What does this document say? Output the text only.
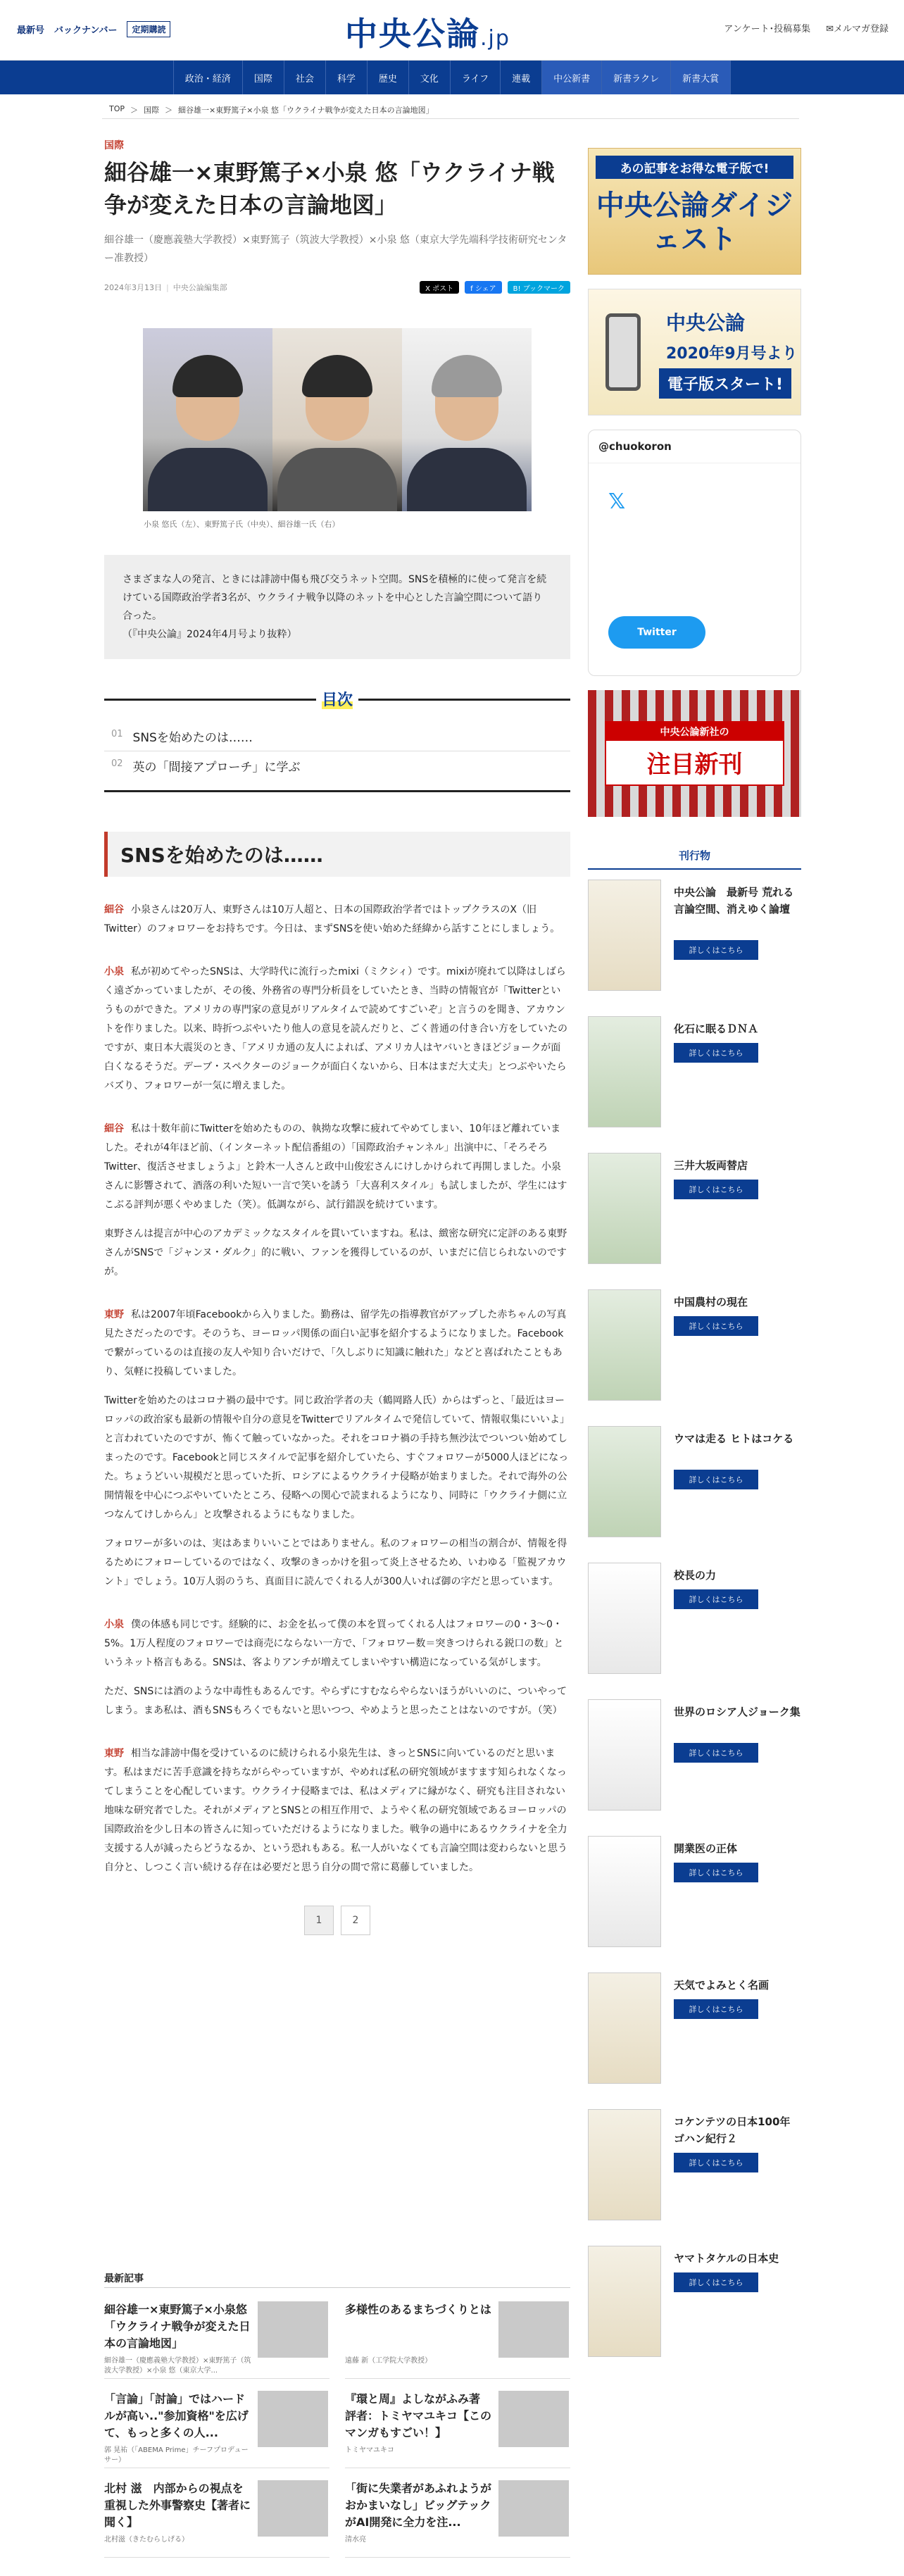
最新号 バックナンバー	定期購読	中央公論.jp	アンケート･投稿募集 ✉メルマガ登録
政治・経済	国際	社会	科学	歴史	文化	ライフ	連載	中公新書	新書ラクレ	新書大賞
TOP ＞ 国際 ＞ 細谷雄一×東野篤子×小泉 悠「ウクライナ戦争が変えた日本の言論地図」
国際
細谷雄一×東野篤子×小泉 悠「ウクライナ戦争が変えた日本の言論地図」
細谷雄一（慶應義塾大学教授）×東野篤子（筑波大学教授）×小泉 悠（東京大学先端科学技術研究センター准教授）
2024年3月13日 | 中央公論編集部	X ポスト	f シェア	B! ブックマーク
小泉 悠氏（左）、東野篤子氏（中央）、細谷雄一氏（右）
さまざまな人の発言、ときには誹謗中傷も飛び交うネット空間。SNSを積極的に使って発言を続けている国際政治学者3名が、ウクライナ戦争以降のネットを中心とした言論空間について語り合った。
（『中央公論』2024年4月号より抜粋）
目次
01 SNSを始めたのは……
02 英の「間接アプローチ」に学ぶ
SNSを始めたのは……
細谷 小泉さんは20万人、東野さんは10万人超と、日本の国際政治学者ではトップクラスのX（旧Twitter）のフォロワーをお持ちです。今日は、まずSNSを使い始めた経緯から話すことにしましょう。
小泉 私が初めてやったSNSは、大学時代に流行ったmixi（ミクシィ）です。mixiが廃れて以降はしばらく遠ざかっていましたが、その後、外務省の専門分析員をしていたとき、当時の情報官が「Twitterというものができた。アメリカの専門家の意見がリアルタイムで読めてすごいぞ」と言うのを聞き、アカウントを作りました。以来、時折つぶやいたり他人の意見を読んだりと、ごく普通の付き合い方をしていたのですが、東日本大震災のとき、「アメリカ通の友人によれば、アメリカ人はヤバいときほどジョークが面白くなるそうだ。デーブ・スペクターのジョークが面白くないから、日本はまだ大丈夫」とつぶやいたらバズり、フォロワーが一気に増えました。
細谷 私は十数年前にTwitterを始めたものの、執拗な攻撃に疲れてやめてしまい、10年ほど離れていました。それが4年ほど前、（インターネット配信番組の）「国際政治チャンネル」出演中に、「そろそろTwitter、復活させましょうよ」と鈴木一人さんと政中山俊宏さんにけしかけられて再開しました。小泉さんに影響されて、酒落の利いた短い一言で笑いを誘う「大喜利スタイル」も試しましたが、学生にはすこぶる評判が悪くやめました（笑）。低調ながら、試行錯誤を続けています。
東野さんは提言が中心のアカデミックなスタイルを貫いていますね。私は、緻密な研究に定評のある東野さんがSNSで「ジャンヌ・ダルク」的に戦い、ファンを獲得しているのが、いまだに信じられないのですが。
東野 私は2007年頃Facebookから入りました。勤務は、留学先の指導教官がアップした赤ちゃんの写真見たさだったのです。そのうち、ヨーロッパ関係の面白い記事を紹介するようになりました。Facebookで繋がっているのは直接の友人や知り合いだけで、「久しぶりに知識に触れた」などと喜ばれたこともあり、気軽に投稿していました。
Twitterを始めたのはコロナ禍の最中です。同じ政治学者の夫（鶴岡路人氏）からはずっと、「最近はヨーロッパの政治家も最新の情報や自分の意見をTwitterでリアルタイムで発信していて、情報収集にいいよ」と言われていたのですが、怖くて触っていなかった。それをコロナ禍の手持ち無沙汰でついつい始めてしまったのです。Facebookと同じスタイルで記事を紹介していたら、すぐフォロワーが5000人ほどになった。ちょうどいい規模だと思っていた折、ロシアによるウクライナ侵略が始まりました。それで海外の公開情報を中心につぶやいていたところ、侵略への関心で読まれるようになり、同時に「ウクライナ側に立つなんてけしからん」と攻撃されるようにもなりました。
フォロワーが多いのは、実はあまりいいことではありません。私のフォロワーの相当の割合が、情報を得るためにフォローしているのではなく、攻撃のきっかけを狙って炎上させるため、いわゆる「監視アカウント」でしょう。10万人弱のうち、真面目に読んでくれる人が300人いれば御の字だと思っています。
小泉 僕の体感も同じです。経験的に、お金を払って僕の本を買ってくれる人はフォロワーの0・3〜0・5%。1万人程度のフォロワーでは商売にならない一方で、「フォロワー数＝突きつけられる鋭口の数」というネット格言もある。SNSは、客よりアンチが増えてしまいやすい構造になっている気がします。
ただ、SNSには酒のような中毒性もあるんです。やらずにすむならやらないほうがいいのに、ついやってしまう。まあ私は、酒もSNSもろくでもないと思いつつ、やめようと思ったことはないのですが。（笑）
東野 相当な誹謗中傷を受けているのに続けられる小泉先生は、きっとSNSに向いているのだと思います。私はまだに苦手意識を持ちながらやっていますが、やめれば私の研究領域がますます知られなくなってしまうことを心配しています。ウクライナ侵略までは、私はメディアに縁がなく、研究も注目されない地味な研究者でした。それがメディアとSNSとの相互作用で、ようやく私の研究領域であるヨーロッパの国際政治を少し日本の皆さんに知っていただけるようになりました。戦争の過中にあるウクライナを全力支援する人が減ったらどうなるか、という恐れもある。私一人がいなくても言論空間は変わらないと思う自分と、しつこく言い続ける存在は必要だと思う自分の間で常に葛藤していました。
1	2
最新記事
細谷雄一×東野篤子×小泉悠「ウクライナ戦争が変えた日本の言論地図」
細谷雄一（慶應義塾大学教授）×東野篤子（筑波大学教授）×小泉 悠（東京大学...
多様性のあるまちづくりとは
遠藤 新（工学院大学教授）
「言論」「討論」ではハードルが高い.."参加資格"を広げて、もっと多くの人...
郭 晃祐（「ABEMA Prime」チーフプロデューサー）
『環と周』よしながふみ著 評者：トミヤマユキコ【このマンガもすごい！】
トミヤマユキコ
北村 滋　内部からの視点を重視した外事警察史【著者に聞く】
北村滋（きたむらしげる）
「街に失業者があふれようがおかまいなし」ビッグテックがAI開発に全力を注...
清水亮
あの記事をお得な電子版で!
中央公論ダイジェスト
中央公論
2020年9月号より
電子版スタート!
@chuokoron
𝕏
Twitter
中央公論新社の
注目新刊
刊行物
中央公論　最新号 荒れる言論空間、消えゆく論壇
詳しくはこちら
化石に眠るＤＮＡ
詳しくはこちら
三井大坂両替店
詳しくはこちら
中国農村の現在
詳しくはこちら
ウマは走る ヒトはコケる
詳しくはこちら
校長の力
詳しくはこちら
世界のロシア人ジョーク集
詳しくはこちら
開業医の正体
詳しくはこちら
天気でよみとく名画
詳しくはこちら
コケンテツの日本100年ゴハン紀行２
詳しくはこちら
ヤマトタケルの日本史
詳しくはこちら
